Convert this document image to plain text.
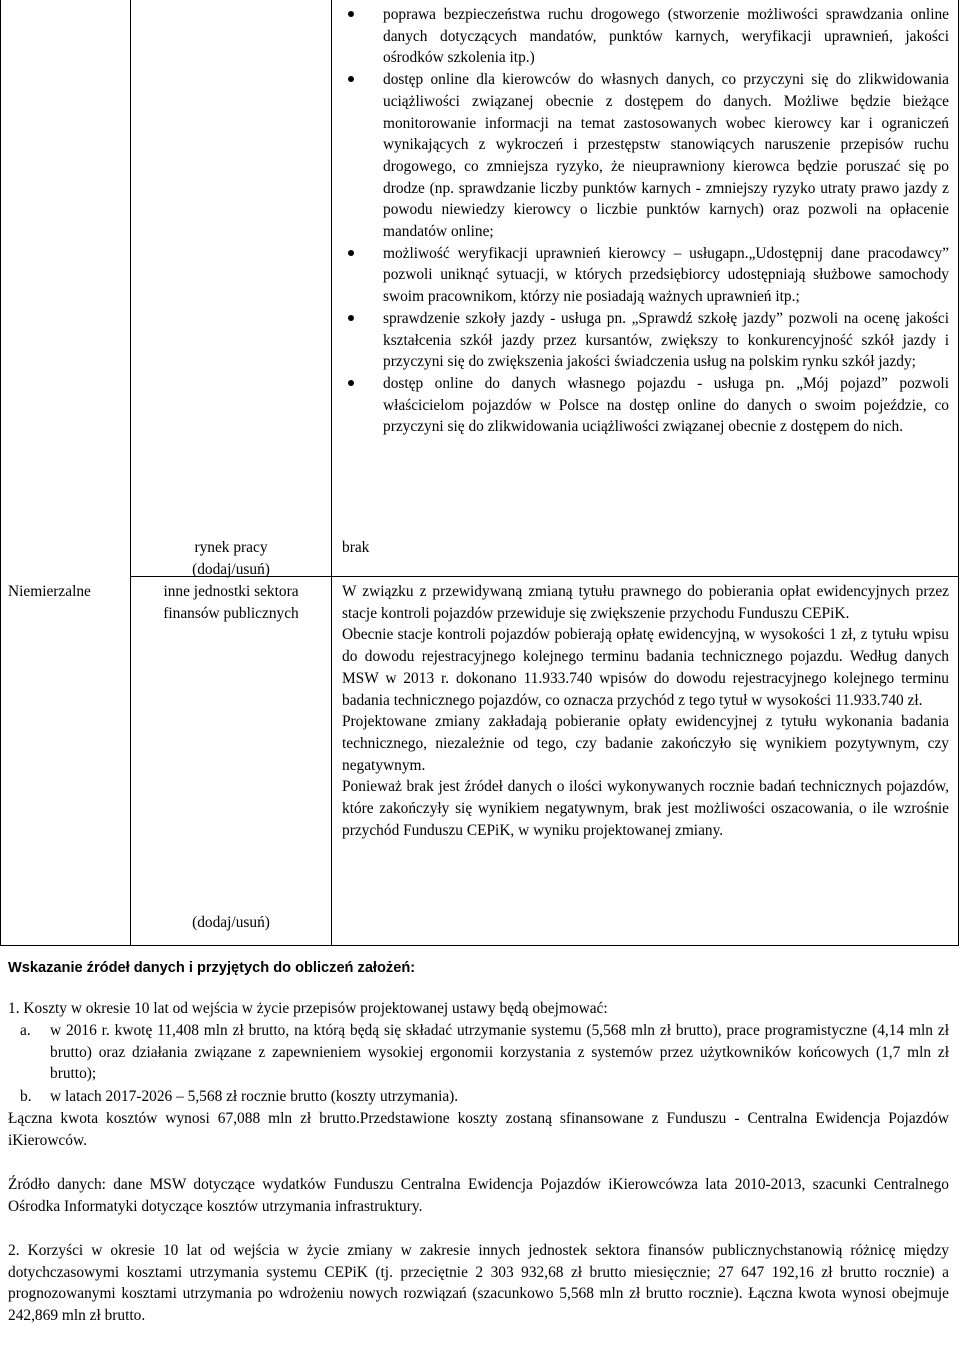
poprawa bezpieczeństwa ruchu drogowego (stworzenie możliwości sprawdzania online danych dotyczących mandatów, punktów karnych, weryfikacji uprawnień, jakości ośrodków szkolenia itp.)
dostęp online dla kierowców do własnych danych, co przyczyni się do zlikwidowania uciążliwości związanej obecnie z dostępem do danych. Możliwe będzie bieżące monitorowanie informacji na temat zastosowanych wobec kierowcy kar i ograniczeń wynikających z wykroczeń i przestępstw stanowiących naruszenie przepisów ruchu drogowego, co zmniejsza ryzyko, że nieuprawniony kierowca będzie poruszać się po drodze (np. sprawdzanie liczby punktów karnych - zmniejszy ryzyko utraty prawo jazdy z powodu niewiedzy kierowcy o liczbie punktów karnych) oraz pozwoli na opłacenie mandatów online;
możliwość weryfikacji uprawnień kierowcy – usługapn.„Udostępnij dane pracodawcy” pozwoli uniknąć sytuacji, w których przedsiębiorcy udostępniają służbowe samochody swoim pracownikom, którzy nie posiadają ważnych uprawnień itp.;
sprawdzenie szkoły jazdy - usługa pn. „Sprawdź szkołę jazdy” pozwoli na ocenę jakości kształcenia szkół jazdy przez kursantów, zwiększy to konkurencyjność szkół jazdy i przyczyni się do zwiększenia jakości świadczenia usług na polskim rynku szkół jazdy;
dostęp online do danych własnego pojazdu - usługa pn. „Mój pojazd” pozwoli właścicielom pojazdów w Polsce na dostęp online do danych o swoim pojeździe, co przyczyni się do zlikwidowania uciążliwości związanej obecnie z dostępem do nich.
rynek pracy
(dodaj/usuń)
brak
Niemierzalne	inne jednostki sektora finansów publicznych
(dodaj/usuń)
W związku z przewidywaną zmianą tytułu prawnego do pobierania opłat ewidencyjnych przez stacje kontroli pojazdów przewiduje się zwiększenie przychodu Funduszu CEPiK.
Obecnie stacje kontroli pojazdów pobierają opłatę ewidencyjną, w wysokości 1 zł, z tytułu wpisu do dowodu rejestracyjnego kolejnego terminu badania technicznego pojazdu. Według danych MSW w 2013 r. dokonano 11.933.740 wpisów do dowodu rejestracyjnego kolejnego terminu badania technicznego pojazdów, co oznacza przychód z tego tytuł w wysokości 11.933.740 zł.
Projektowane zmiany zakładają pobieranie opłaty ewidencyjnej z tytułu wykonania badania technicznego, niezależnie od tego, czy badanie zakończyło się wynikiem pozytywnym, czy negatywnym.
Ponieważ brak jest źródeł danych o ilości wykonywanych rocznie badań technicznych pojazdów, które zakończyły się wynikiem negatywnym, brak jest możliwości oszacowania, o ile wzrośnie przychód Funduszu CEPiK, w wyniku projektowanej zmiany.
Wskazanie źródeł danych i przyjętych do obliczeń założeń:
1. Koszty w okresie 10 lat od wejścia w życie przepisów projektowanej ustawy będą obejmować:
a. w 2016 r. kwotę 11,408 mln zł brutto, na którą będą się składać utrzymanie systemu (5,568 mln zł brutto), prace programistyczne (4,14 mln zł brutto) oraz działania związane z zapewnieniem wysokiej ergonomii korzystania z systemów przez użytkowników końcowych (1,7 mln zł brutto);
b. w latach 2017-2026 – 5,568 zł rocznie brutto (koszty utrzymania).
Łączna kwota kosztów wynosi 67,088 mln zł brutto.Przedstawione koszty zostaną sfinansowane z Funduszu - Centralna Ewidencja Pojazdów iKierowców.
Źródło danych: dane MSW dotyczące wydatków Funduszu Centralna Ewidencja Pojazdów iKierowcówza lata 2010-2013, szacunki Centralnego Ośrodka Informatyki dotyczące kosztów utrzymania infrastruktury.
2. Korzyści w okresie 10 lat od wejścia w życie zmiany w zakresie innych jednostek sektora finansów publicznychstanowią różnicę między dotychczasowymi kosztami utrzymania systemu CEPiK (tj. przeciętnie 2 303 932,68 zł brutto miesięcznie; 27 647 192,16 zł brutto rocznie) a prognozowanymi kosztami utrzymania po wdrożeniu nowych rozwiązań (szacunkowo 5,568 mln zł brutto rocznie). Łączna kwota wynosi obejmuje 242,869 mln zł brutto.
